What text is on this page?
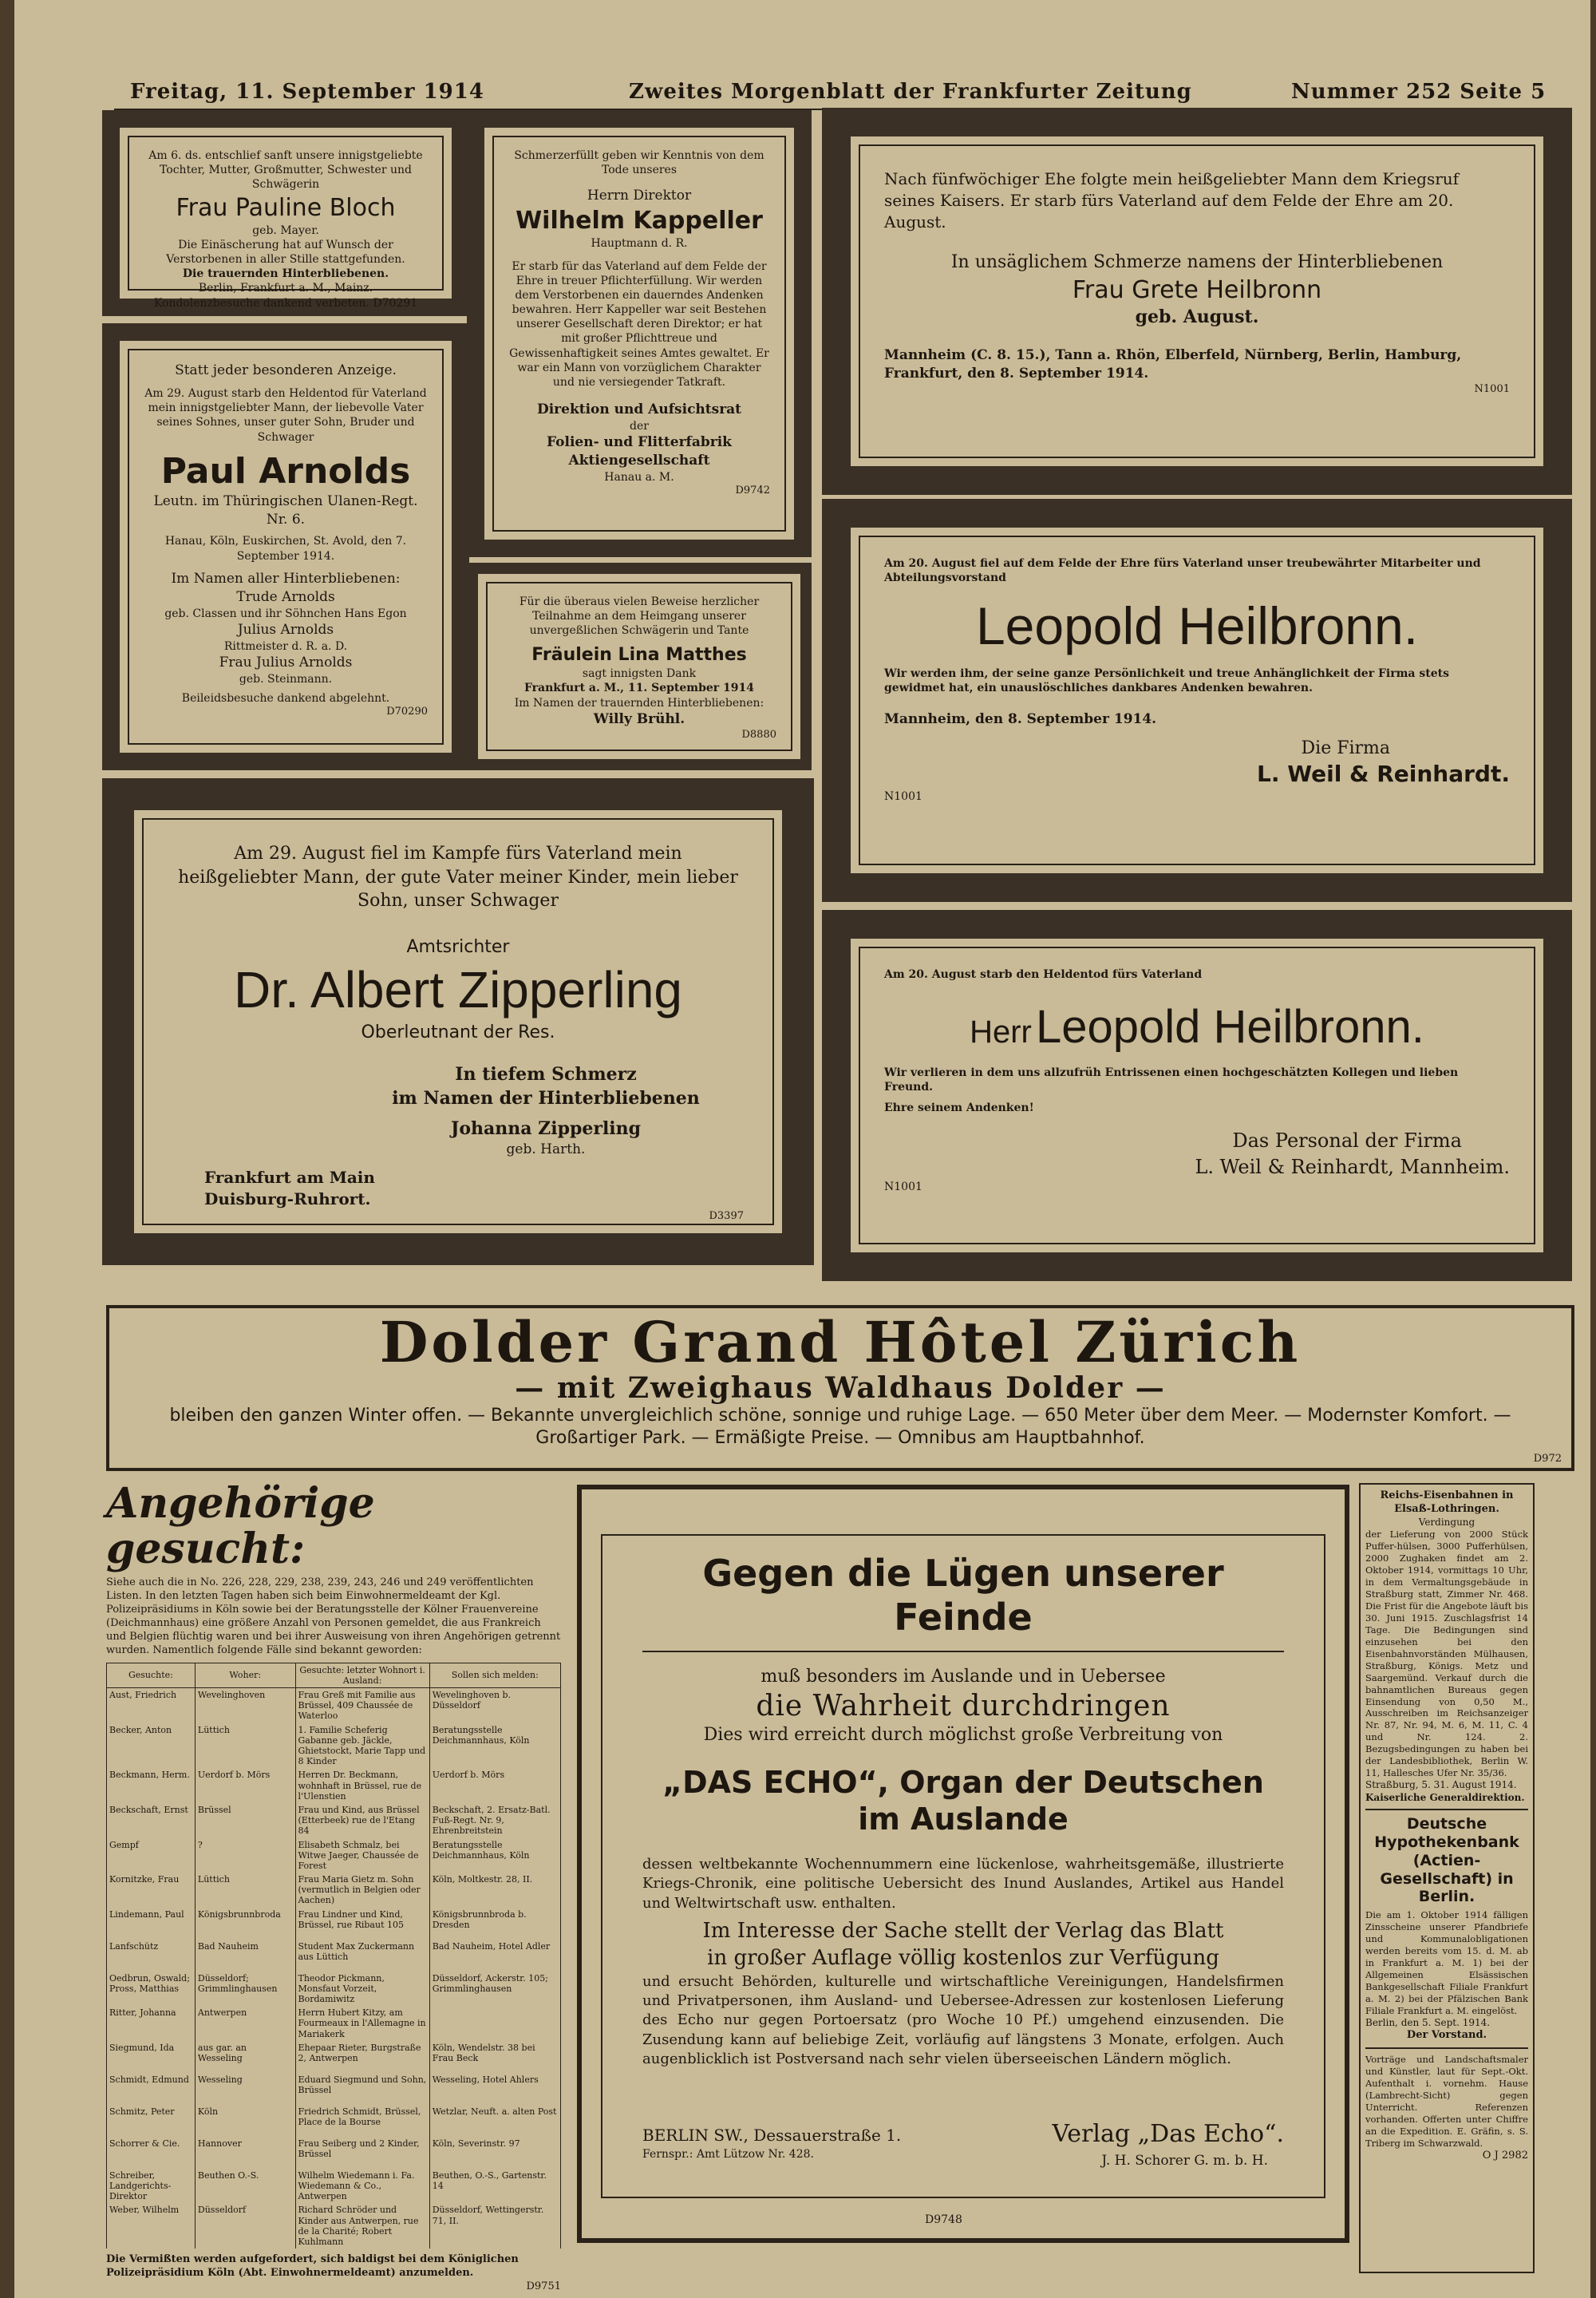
Freitag, 11. September 1914	Zweites Morgenblatt der Frankfurter Zeitung	Nummer 252 Seite 5
Am 6. ds. entschlief sanft unsere innigstgeliebte Tochter, Mutter, Großmutter, Schwester und Schwägerin
Frau Pauline Bloch
geb. Mayer.
Die Einäscherung hat auf Wunsch der Verstorbenen in aller Stille stattgefunden.
Die trauernden Hinterbliebenen.
Berlin, Frankfurt a. M., Mainz.
Kondolenzbesuche dankend verbeten. D70291
Statt jeder besonderen Anzeige.
Am 29. August starb den Heldentod für Vaterland mein innigstgeliebter Mann, der liebevolle Vater seines Sohnes, unser guter Sohn, Bruder und Schwager
Paul Arnolds
Leutn. im Thüringischen Ulanen-Regt. Nr. 6.
Hanau, Köln, Euskirchen, St. Avold, den 7. September 1914.
Im Namen aller Hinterbliebenen:
Trude Arnolds
geb. Classen und ihr Söhnchen Hans Egon
Julius Arnolds
Rittmeister d. R. a. D.
Frau Julius Arnolds
geb. Steinmann.
Beileidsbesuche dankend abgelehnt.
D70290
Schmerzerfüllt geben wir Kenntnis von dem Tode unseres
Herrn Direktor
Wilhelm Kappeller
Hauptmann d. R.
Er starb für das Vaterland auf dem Felde der Ehre in treuer Pflichterfüllung. Wir werden dem Verstorbenen ein dauerndes Andenken bewahren. Herr Kappeller war seit Bestehen unserer Gesellschaft deren Direktor; er hat mit großer Pflichttreue und Gewissenhaftigkeit seines Amtes gewaltet. Er war ein Mann von vorzüglichem Charakter und nie versiegender Tatkraft.
Direktion und Aufsichtsrat
der
Folien- und Flitterfabrik Aktiengesellschaft
Hanau a. M.
D9742
Für die überaus vielen Beweise herzlicher Teilnahme an dem Heimgang unserer unvergeßlichen Schwägerin und Tante
Fräulein Lina Matthes
sagt innigsten Dank
Frankfurt a. M., 11. September 1914
Im Namen der trauernden Hinterbliebenen:
Willy Brühl.
D8880
Nach fünfwöchiger Ehe folgte mein heißgeliebter Mann dem Kriegsruf seines Kaisers. Er starb fürs Vaterland auf dem Felde der Ehre am 20. August.
In unsäglichem Schmerze namens der Hinterbliebenen
Frau Grete Heilbronn
geb. August.
Mannheim (C. 8. 15.), Tann a. Rhön, Elberfeld, Nürnberg, Berlin, Hamburg, Frankfurt, den 8. September 1914.
N1001
Am 20. August fiel auf dem Felde der Ehre fürs Vaterland unser treubewährter Mitarbeiter und Abteilungsvorstand
Leopold Heilbronn.
Wir werden ihm, der seine ganze Persönlichkeit und treue Anhänglichkeit der Firma stets gewidmet hat, ein unauslöschliches dankbares Andenken bewahren.
Mannheim, den 8. September 1914.
Die Firma
L. Weil & Reinhardt.
N1001
Am 29. August fiel im Kampfe fürs Vaterland mein heißgeliebter Mann, der gute Vater meiner Kinder, mein lieber Sohn, unser Schwager
Amtsrichter
Dr. Albert Zipperling
Oberleutnant der Res.
In tiefem Schmerz
im Namen der Hinterbliebenen
Johanna Zipperling
geb. Harth.
Frankfurt am Main
Duisburg-Ruhrort.
D3397
Am 20. August starb den Heldentod fürs Vaterland
Herr Leopold Heilbronn.
Wir verlieren in dem uns allzufrüh Entrissenen einen hochgeschätzten Kollegen und lieben Freund.
Ehre seinem Andenken!
Das Personal der Firma
L. Weil & Reinhardt, Mannheim.
N1001
Dolder Grand Hôtel Zürich
— mit Zweighaus Waldhaus Dolder —
bleiben den ganzen Winter offen. — Bekannte unvergleichlich schöne, sonnige und ruhige Lage. — 650 Meter über dem Meer. — Modernster Komfort. —
Großartiger Park. — Ermäßigte Preise. — Omnibus am Hauptbahnhof.
D972
Angehörige gesucht:
Siehe auch die in No. 226, 228, 229, 238, 239, 243, 246 und 249 veröffentlichten Listen. In den letzten Tagen haben sich beim Einwohnermeldeamt der Kgl. Polizeipräsidiums in Köln sowie bei der Beratungsstelle der Kölner Frauenvereine (Deichmannhaus) eine größere Anzahl von Personen gemeldet, die aus Frankreich und Belgien flüchtig waren und bei ihrer Ausweisung von ihren Angehörigen getrennt wurden. Namentlich folgende Fälle sind bekannt geworden:
Gesuchte:	Woher:	Gesuchte: letzter Wohnort i. Ausland:	Sollen sich melden:
Aust, Friedrich	Wevelinghoven	Frau Greß mit Familie aus Brüssel, 409 Chaussée de Waterloo	Wevelinghoven b. Düsseldorf
Becker, Anton	Lüttich	1. Familie Scheferig Gabanne geb. Jäckle, Ghietstockt, Marie Tapp und 8 Kinder	Beratungsstelle Deichmannhaus, Köln
Beckmann, Herm.	Uerdorf b. Mörs	Herren Dr. Beckmann, wohnhaft in Brüssel, rue de l'Ulenstien	Uerdorf b. Mörs
Beckschaft, Ernst	Brüssel	Frau und Kind, aus Brüssel (Etterbeek) rue de l'Etang 84	Beckschaft, 2. Ersatz-Batl. Fuß-Regt. Nr. 9, Ehrenbreitstein
Gempf	?	Elisabeth Schmalz, bei Witwe Jaeger, Chaussée de Forest	Beratungsstelle Deichmannhaus, Köln
Kornitzke, Frau	Lüttich	Frau Maria Gietz m. Sohn (vermutlich in Belgien oder Aachen)	Köln, Moltkestr. 28, II.
Lindemann, Paul	Königsbrunnbroda	Frau Lindner und Kind, Brüssel, rue Ribaut 105	Königsbrunnbroda b. Dresden
Lanfschütz	Bad Nauheim	Student Max Zuckermann aus Lüttich	Bad Nauheim, Hotel Adler
Oedbrun, Oswald; Pross, Matthias	Düsseldorf; Grimmlinghausen	Theodor Pickmann, Monsfaut Vorzeit, Bordamiwitz	Düsseldorf, Ackerstr. 105; Grimmlinghausen
Ritter, Johanna	Antwerpen	Herrn Hubert Kitzy, am Fourmeaux in l'Allemagne in Mariakerk	
Siegmund, Ida	aus gar. an Wesseling	Ehepaar Rieter, Burgstraße 2, Antwerpen	Köln, Wendelstr. 38 bei Frau Beck
Schmidt, Edmund	Wesseling	Eduard Siegmund und Sohn, Brüssel	Wesseling, Hotel Ahlers
Schmitz, Peter	Köln	Friedrich Schmidt, Brüssel, Place de la Bourse	Wetzlar, Neuft. a. alten Post
Schorrer & Cie.	Hannover	Frau Seiberg und 2 Kinder, Brüssel	Köln, Severinstr. 97
Schreiber, Landgerichts-Direktor	Beuthen O.-S.	Wilhelm Wiedemann i. Fa. Wiedemann & Co., Antwerpen	Beuthen, O.-S., Gartenstr. 14
Weber, Wilhelm	Düsseldorf	Richard Schröder und Kinder aus Antwerpen, rue de la Charité; Robert Kuhlmann	Düsseldorf, Wettingerstr. 71, II.
Die Vermißten werden aufgefordert, sich baldigst bei dem Königlichen Polizeipräsidium Köln (Abt. Einwohnermeldeamt) anzumelden.
D9751
Gegen die Lügen unserer Feinde
muß besonders im Auslande und in Uebersee
die Wahrheit durchdringen
Dies wird erreicht durch möglichst große Verbreitung von
„DAS ECHO“, Organ der Deutschen im Auslande
dessen weltbekannte Wochennummern eine lückenlose, wahrheitsgemäße, illustrierte Kriegs-Chronik, eine politische Uebersicht des Inund Auslandes, Artikel aus Handel und Weltwirtschaft usw. enthalten.
Im Interesse der Sache stellt der Verlag das Blatt
in großer Auflage völlig kostenlos zur Verfügung
und ersucht Behörden, kulturelle und wirtschaftliche Vereinigungen, Handelsfirmen und Privatpersonen, ihm Ausland- und Uebersee-Adressen zur kostenlosen Lieferung des Echo nur gegen Portoersatz (pro Woche 10 Pf.) umgehend einzusenden. Die Zusendung kann auf beliebige Zeit, vorläufig auf längstens 3 Monate, erfolgen. Auch augenblicklich ist Postversand nach sehr vielen überseeischen Ländern möglich.
BERLIN SW., Dessauerstraße 1.
Fernspr.: Amt Lützow Nr. 428.
Verlag „Das Echo“.
J. H. Schorer G. m. b. H.
D9748
Reichs-Eisenbahnen in Elsaß-Lothringen.
Verdingung
der Lieferung von 2000 Stück Puffer-hülsen, 3000 Pufferhülsen, 2000 Zughaken findet am 2. Oktober 1914, vormittags 10 Uhr, in dem Vermaltungsgebäude in Straßburg statt, Zimmer Nr. 468. Die Frist für die Angebote läuft bis 30. Juni 1915. Zuschlagsfrist 14 Tage. Die Bedingungen sind einzusehen bei den Eisenbahnvorständen Mülhausen, Straßburg, Königs. Metz und Saargemünd. Verkauf durch die bahnamtlichen Bureaus gegen Einsendung von 0,50 M., Ausschreiben im Reichsanzeiger Nr. 87, Nr. 94, M. 6, M. 11, C. 4 und Nr. 124. 2. Bezugsbedingungen zu haben bei der Landesbibliothek, Berlin W. 11, Hallesches Ufer Nr. 35/36.
Straßburg, 5. 31. August 1914.
Kaiserliche Generaldirektion.
Deutsche Hypothekenbank (Actien-Gesellschaft) in Berlin.
Die am 1. Oktober 1914 fälligen Zinsscheine unserer Pfandbriefe und Kommunalobligationen werden bereits vom 15. d. M. ab in Frankfurt a. M. 1) bei der Allgemeinen Elsässischen Bankgesellschaft Filiale Frankfurt a. M. 2) bei der Pfälzischen Bank Filiale Frankfurt a. M. eingelöst.
Berlin, den 5. Sept. 1914.
Der Vorstand.
Vorträge und Landschaftsmaler und Künstler, laut für Sept.-Okt. Aufenthalt i. vornehm. Hause (Lambrecht-Sicht) gegen Unterricht. Referenzen vorhanden. Offerten unter Chiffre an die Expedition. E. Gräfin, s. S. Triberg im Schwarzwald.
O J 2982
